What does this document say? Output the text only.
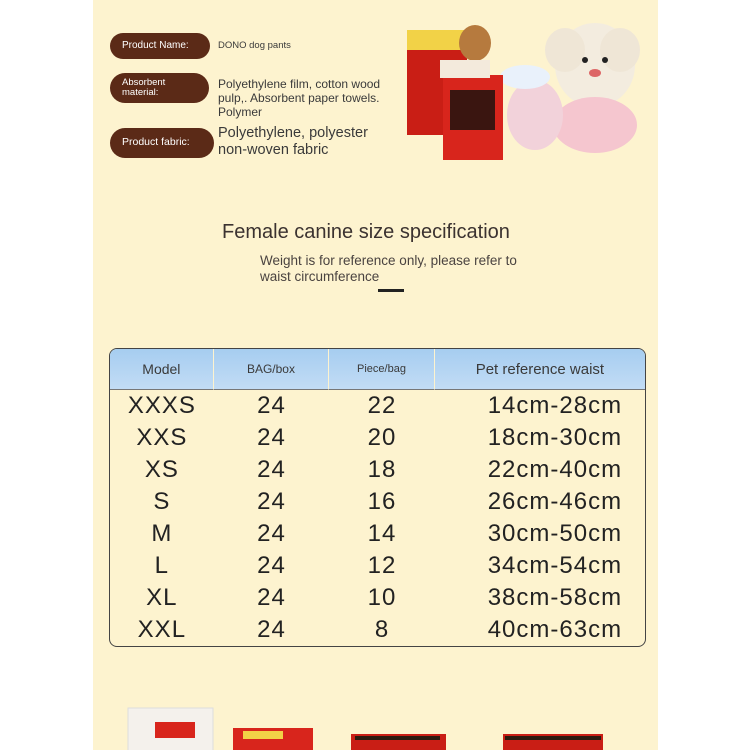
Product Name:	DONO dog pants
Absorbent material:
Polyethylene film, cotton wood pulp,. Absorbent paper towels. Polymer
Product fabric:
Polyethylene, polyester non-woven fabric
Female canine size specification
Weight is for reference only, please refer to waist circumference
Model	BAG/box	Piece/bag	Pet reference waist
XXXS	24	22	14cm-28cm
XXS	24	20	18cm-30cm
XS	24	18	22cm-40cm
S	24	16	26cm-46cm
M	24	14	30cm-50cm
L	24	12	34cm-54cm
XL	24	10	38cm-58cm
XXL	24	8	40cm-63cm
